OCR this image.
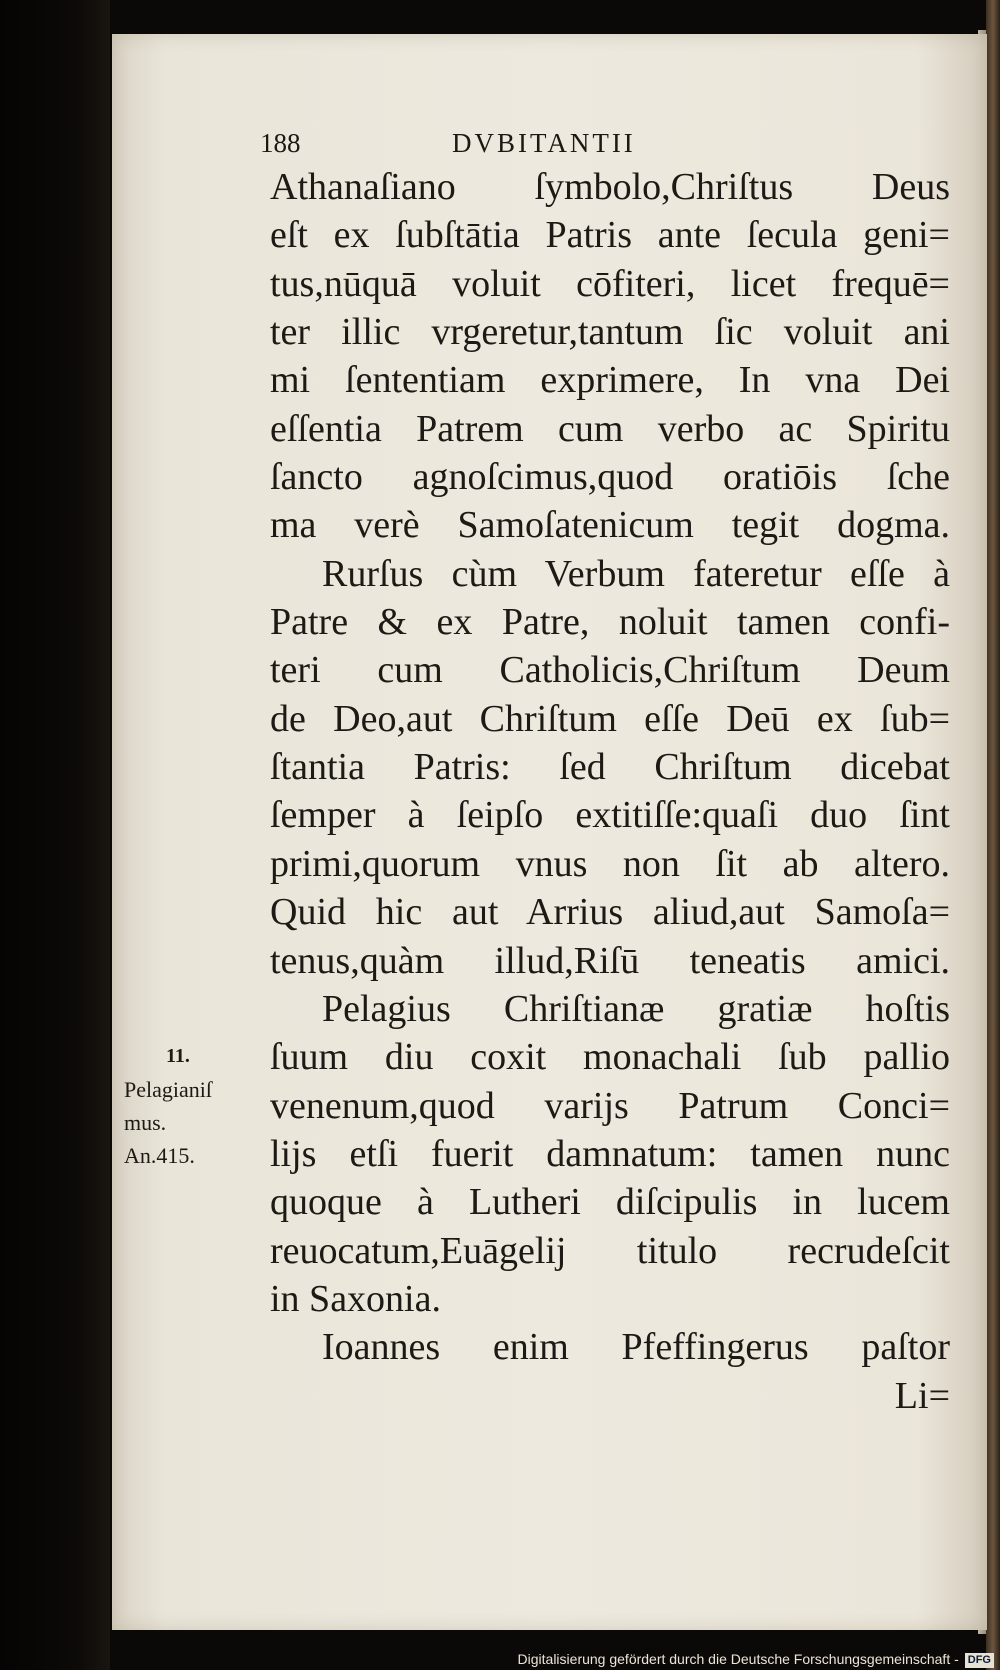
188	DVBITANTII
Athanaſiano ſymbolo,Chriſtus Deus
eſt ex ſubſtātia Patris ante ſecula geni=
tus,nūquā voluit cōfiteri, licet frequē=
ter illic vrgeretur,tantum ſic voluit ani
mi ſententiam exprimere, In vna Dei
eſſentia Patrem cum verbo ac Spiritu
ſancto agnoſcimus,quod oratiōis ſche
ma verè Samoſatenicum tegit dogma.
Rurſus cùm Verbum fateretur eſſe à
Patre & ex Patre, noluit tamen confi-
teri cum Catholicis,Chriſtum Deum
de Deo,aut Chriſtum eſſe Deū ex ſub=
ſtantia Patris: ſed Chriſtum dicebat
ſemper à ſeipſo extitiſſe:quaſi duo ſint
primi,quorum vnus non ſit ab altero.
Quid hic aut Arrius aliud,aut Samoſa=
tenus,quàm illud,Riſū teneatis amici.
Pelagius Chriſtianæ gratiæ hoſtis
ſuum diu coxit monachali ſub pallio
venenum,quod varijs Patrum Conci=
lijs etſi fuerit damnatum: tamen nunc
quoque à Lutheri diſcipulis in lucem
reuocatum,Euāgelij titulo recrudeſcit
in Saxonia.
Ioannes enim Pfeffingerus paſtor
Li=
11.
Pelagianiſ
mus.
An.415.
Digitalisierung gefördert durch die Deutsche Forschungsgemeinschaft - DFG
